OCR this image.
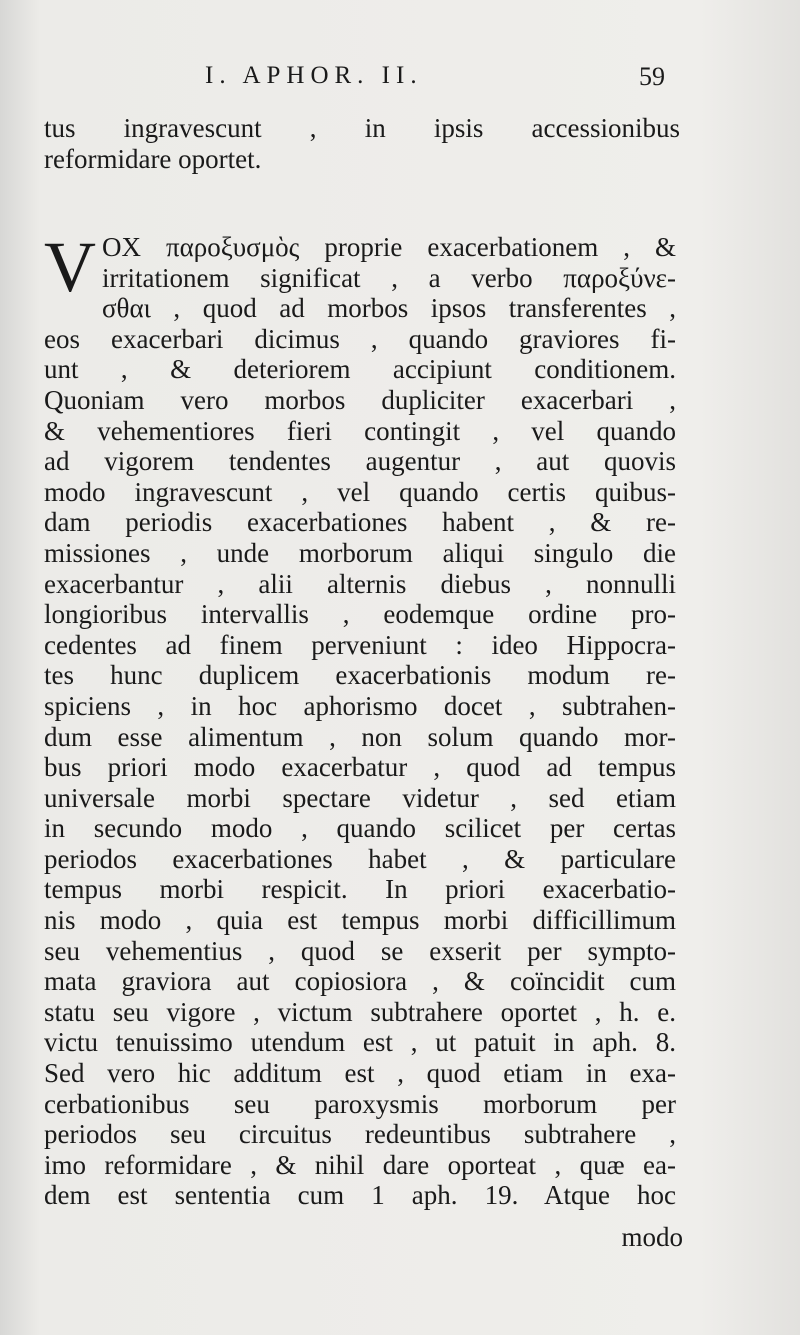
I. APHOR. II.	59
tus ingravescunt , in ipsis accessionibus
reformidare oportet.
V OX παροξυσμὸς proprie exacerbationem , &
irritationem significat , a verbo παροξύνε-
σθαι , quod ad morbos ipsos transferentes ,
eos exacerbari dicimus , quando graviores fi-
unt , & deteriorem accipiunt conditionem.
Quoniam vero morbos dupliciter exacerbari ,
& vehementiores fieri contingit , vel quando
ad vigorem tendentes augentur , aut quovis
modo ingravescunt , vel quando certis quibus-
dam periodis exacerbationes habent , & re-
missiones , unde morborum aliqui singulo die
exacerbantur , alii alternis diebus , nonnulli
longioribus intervallis , eodemque ordine pro-
cedentes ad finem perveniunt : ideo Hippocra-
tes hunc duplicem exacerbationis modum re-
spiciens , in hoc aphorismo docet , subtrahen-
dum esse alimentum , non solum quando mor-
bus priori modo exacerbatur , quod ad tempus
universale morbi spectare videtur , sed etiam
in secundo modo , quando scilicet per certas
periodos exacerbationes habet , & particulare
tempus morbi respicit. In priori exacerbatio-
nis modo , quia est tempus morbi difficillimum
seu vehementius , quod se exserit per sympto-
mata graviora aut copiosiora , & coïncidit cum
statu seu vigore , victum subtrahere oportet , h. e.
victu tenuissimo utendum est , ut patuit in aph. 8.
Sed vero hic additum est , quod etiam in exa-
cerbationibus seu paroxysmis morborum per
periodos seu circuitus redeuntibus subtrahere ,
imo reformidare , & nihil dare oporteat , quæ ea-
dem est sententia cum 1 aph. 19. Atque hoc
modo
